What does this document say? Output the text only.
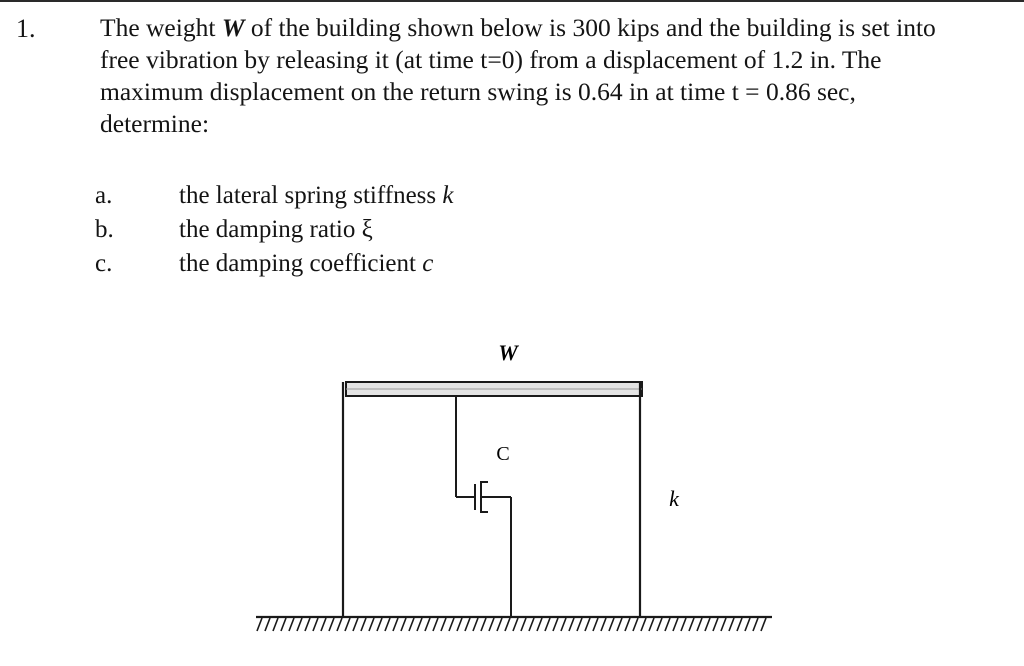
1.	The weight W of the building shown below is 300 kips and the building is set into

free vibration by releasing it (at time t=0) from a displacement of 1.2 in. The

maximum displacement on the return swing is 0.64 in at time t = 0.86 sec,

determine:

a.	the lateral spring stiffness k
b.	the damping ratio ξ
c.	the damping coefficient c
W
C
k
